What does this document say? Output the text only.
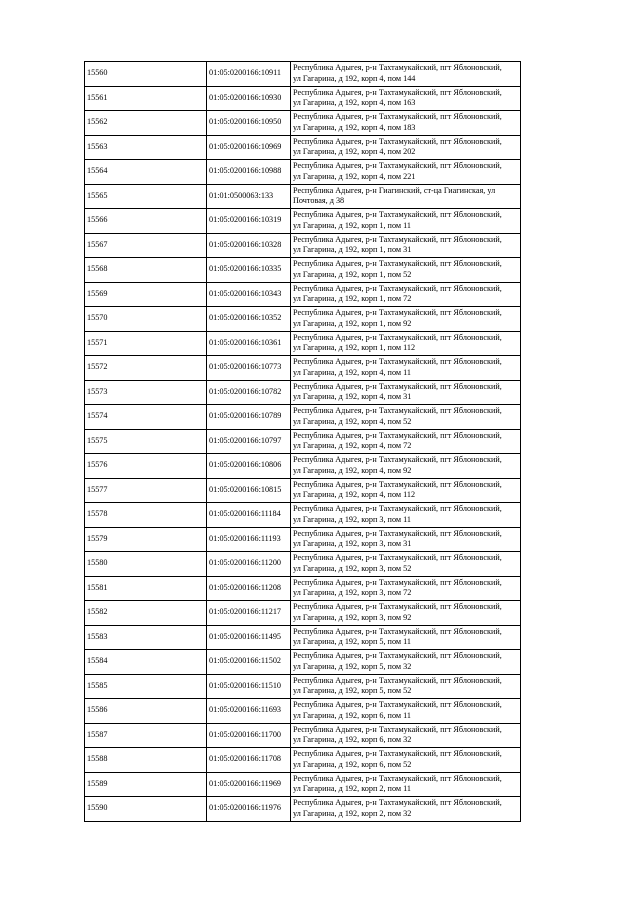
15560	01:05:0200166:10911	Республика Адыгея, р-н Тахтамукайский, пгт Яблоновский,
ул Гагарина, д 192, корп 4, пом 144

15561	01:05:0200166:10930	Республика Адыгея, р-н Тахтамукайский, пгт Яблоновский,
ул Гагарина, д 192, корп 4, пом 163

15562	01:05:0200166:10950	Республика Адыгея, р-н Тахтамукайский, пгт Яблоновский,
ул Гагарина, д 192, корп 4, пом 183

15563	01:05:0200166:10969	Республика Адыгея, р-н Тахтамукайский, пгт Яблоновский,
ул Гагарина, д 192, корп 4, пом 202

15564	01:05:0200166:10988	Республика Адыгея, р-н Тахтамукайский, пгт Яблоновский,
ул Гагарина, д 192, корп 4, пом 221

15565	01:01:0500063:133	Республика Адыгея, р-н Гиагинский, ст-ца Гиагинская, ул
Почтовая, д 38

15566	01:05:0200166:10319	Республика Адыгея, р-н Тахтамукайский, пгт Яблоновский,
ул Гагарина, д 192, корп 1, пом 11

15567	01:05:0200166:10328	Республика Адыгея, р-н Тахтамукайский, пгт Яблоновский,
ул Гагарина, д 192, корп 1, пом 31

15568	01:05:0200166:10335	Республика Адыгея, р-н Тахтамукайский, пгт Яблоновский,
ул Гагарина, д 192, корп 1, пом 52

15569	01:05:0200166:10343	Республика Адыгея, р-н Тахтамукайский, пгт Яблоновский,
ул Гагарина, д 192, корп 1, пом 72

15570	01:05:0200166:10352	Республика Адыгея, р-н Тахтамукайский, пгт Яблоновский,
ул Гагарина, д 192, корп 1, пом 92

15571	01:05:0200166:10361	Республика Адыгея, р-н Тахтамукайский, пгт Яблоновский,
ул Гагарина, д 192, корп 1, пом 112

15572	01:05:0200166:10773	Республика Адыгея, р-н Тахтамукайский, пгт Яблоновский,
ул Гагарина, д 192, корп 4, пом 11

15573	01:05:0200166:10782	Республика Адыгея, р-н Тахтамукайский, пгт Яблоновский,
ул Гагарина, д 192, корп 4, пом 31

15574	01:05:0200166:10789	Республика Адыгея, р-н Тахтамукайский, пгт Яблоновский,
ул Гагарина, д 192, корп 4, пом 52

15575	01:05:0200166:10797	Республика Адыгея, р-н Тахтамукайский, пгт Яблоновский,
ул Гагарина, д 192, корп 4, пом 72

15576	01:05:0200166:10806	Республика Адыгея, р-н Тахтамукайский, пгт Яблоновский,
ул Гагарина, д 192, корп 4, пом 92

15577	01:05:0200166:10815	Республика Адыгея, р-н Тахтамукайский, пгт Яблоновский,
ул Гагарина, д 192, корп 4, пом 112

15578	01:05:0200166:11184	Республика Адыгея, р-н Тахтамукайский, пгт Яблоновский,
ул Гагарина, д 192, корп 3, пом 11

15579	01:05:0200166:11193	Республика Адыгея, р-н Тахтамукайский, пгт Яблоновский,
ул Гагарина, д 192, корп 3, пом 31

15580	01:05:0200166:11200	Республика Адыгея, р-н Тахтамукайский, пгт Яблоновский,
ул Гагарина, д 192, корп 3, пом 52

15581	01:05:0200166:11208	Республика Адыгея, р-н Тахтамукайский, пгт Яблоновский,
ул Гагарина, д 192, корп 3, пом 72

15582	01:05:0200166:11217	Республика Адыгея, р-н Тахтамукайский, пгт Яблоновский,
ул Гагарина, д 192, корп 3, пом 92

15583	01:05:0200166:11495	Республика Адыгея, р-н Тахтамукайский, пгт Яблоновский,
ул Гагарина, д 192, корп 5, пом 11

15584	01:05:0200166:11502	Республика Адыгея, р-н Тахтамукайский, пгт Яблоновский,
ул Гагарина, д 192, корп 5, пом 32

15585	01:05:0200166:11510	Республика Адыгея, р-н Тахтамукайский, пгт Яблоновский,
ул Гагарина, д 192, корп 5, пом 52

15586	01:05:0200166:11693	Республика Адыгея, р-н Тахтамукайский, пгт Яблоновский,
ул Гагарина, д 192, корп 6, пом 11

15587	01:05:0200166:11700	Республика Адыгея, р-н Тахтамукайский, пгт Яблоновский,
ул Гагарина, д 192, корп 6, пом 32

15588	01:05:0200166:11708	Республика Адыгея, р-н Тахтамукайский, пгт Яблоновский,
ул Гагарина, д 192, корп 6, пом 52

15589	01:05:0200166:11969	Республика Адыгея, р-н Тахтамукайский, пгт Яблоновский,
ул Гагарина, д 192, корп 2, пом 11

15590	01:05:0200166:11976	Республика Адыгея, р-н Тахтамукайский, пгт Яблоновский,
ул Гагарина, д 192, корп 2, пом 32
